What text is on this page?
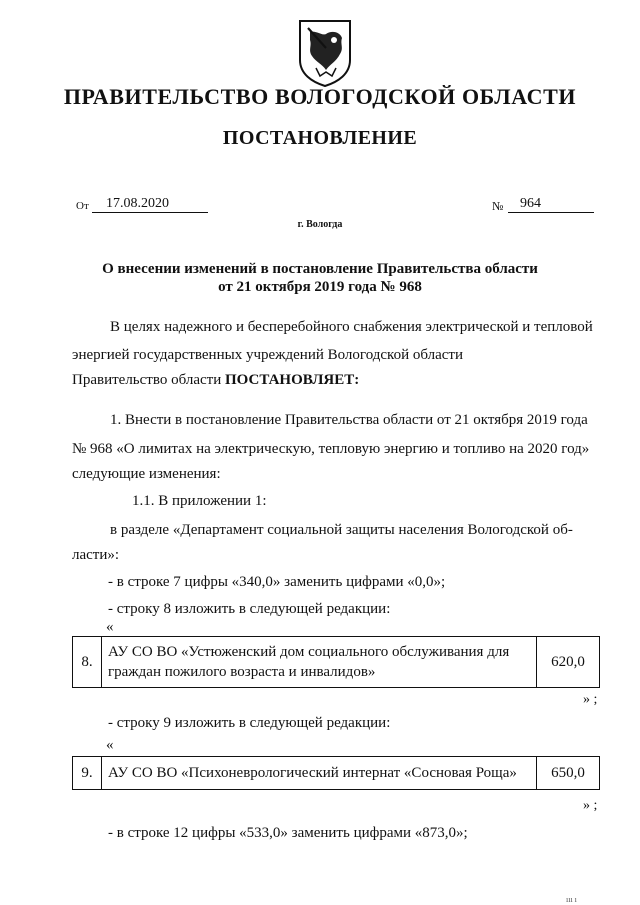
ПРАВИТЕЛЬСТВО ВОЛОГОДСКОЙ ОБЛАСТИ
ПОСТАНОВЛЕНИЕ
От	17.08.2020	№	964
г. Вологда
О внесении изменений в постановление Правительства области
от 21 октября 2019 года № 968
В целях надежного и бесперебойного снабжения электрической и тепловой
энергией государственных учреждений Вологодской области
Правительство области ПОСТАНОВЛЯЕТ:
1. Внести в постановление Правительства области от 21 октября 2019 года
№ 968 «О лимитах на электрическую, тепловую энергию и топливо на 2020 год»
следующие изменения:
1.1. В приложении 1:
в разделе «Департамент социальной защиты населения Вологодской об-
ласти»:
- в строке 7 цифры «340,0» заменить цифрами «0,0»;
- строку 8 изложить в следующей редакции:
«
8.	АУ СО ВО «Устюженский дом социального обслуживания для граждан пожилого возраста и инвалидов»	620,0
» ;
- строку 9 изложить в следующей редакции:
«
9.	АУ СО ВО «Психоневрологический интернат «Сосновая Роща»	650,0
» ;
- в строке 12 цифры «533,0» заменить цифрами «873,0»;
ııı ı
